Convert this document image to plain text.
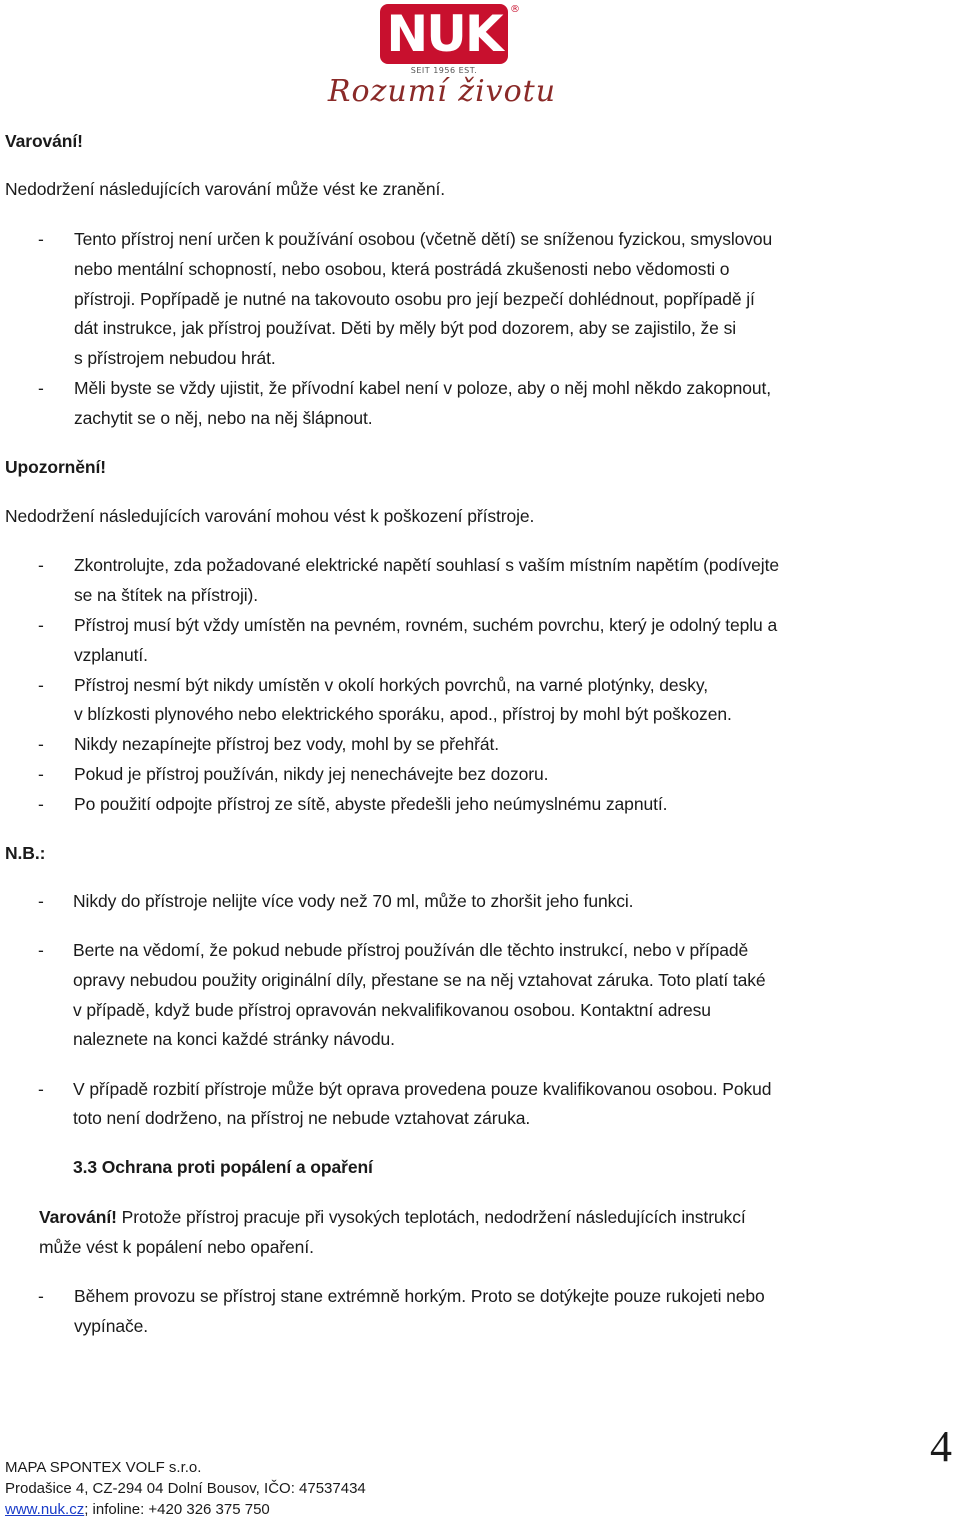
NUK ®
SEIT 1956 EST.
Rozumí životu
Varování!
Nedodržení následujících varování může vést ke zranění.
- Tento přístroj není určen k používání osobou (včetně dětí) se sníženou fyzickou, smyslovou
nebo mentální schopností, nebo osobou, která postrádá zkušenosti nebo vědomosti o
přístroji. Popřípadě je nutné na takovouto osobu pro její bezpečí dohlédnout, popřípadě jí
dát instrukce, jak přístroj používat. Děti by měly být pod dozorem, aby se zajistilo, že si
s přístrojem nebudou hrát.
- Měli byste se vždy ujistit, že přívodní kabel není v poloze, aby o něj mohl někdo zakopnout,
zachytit se o něj, nebo na něj šlápnout.
Upozornění!
Nedodržení následujících varování mohou vést k poškození přístroje.
- Zkontrolujte, zda požadované elektrické napětí souhlasí s vaším místním napětím (podívejte
se na štítek na přístroji).
- Přístroj musí být vždy umístěn na pevném, rovném, suchém povrchu, který je odolný teplu a
vzplanutí.
- Přístroj nesmí být nikdy umístěn v okolí horkých povrchů, na varné plotýnky, desky,
v blízkosti plynového nebo elektrického sporáku, apod., přístroj by mohl být poškozen.
- Nikdy nezapínejte přístroj bez vody, mohl by se přehřát.
- Pokud je přístroj používán, nikdy jej nenechávejte bez dozoru.
- Po použití odpojte přístroj ze sítě, abyste předešli jeho neúmyslnému zapnutí.
N.B.:
- Nikdy do přístroje nelijte více vody než 70 ml, může to zhoršit jeho funkci.
- Berte na vědomí, že pokud nebude přístroj používán dle těchto instrukcí, nebo v případě
opravy nebudou použity originální díly, přestane se na něj vztahovat záruka. Toto platí také
v případě, když bude přístroj opravován nekvalifikovanou osobou. Kontaktní adresu
naleznete na konci každé stránky návodu.
- V případě rozbití přístroje může být oprava provedena pouze kvalifikovanou osobou. Pokud
toto není dodrženo, na přístroj ne nebude vztahovat záruka.
3.3 Ochrana proti popálení a opaření
Varování! Protože přístroj pracuje při vysokých teplotách, nedodržení následujících instrukcí
může vést k popálení nebo opaření.
- Během provozu se přístroj stane extrémně horkým. Proto se dotýkejte pouze rukojeti nebo
vypínače.
MAPA SPONTEX VOLF s.r.o.
Prodašice 4, CZ-294 04 Dolní Bousov, IČO: 47537434
www.nuk.cz; infoline: +420 326 375 750
4
